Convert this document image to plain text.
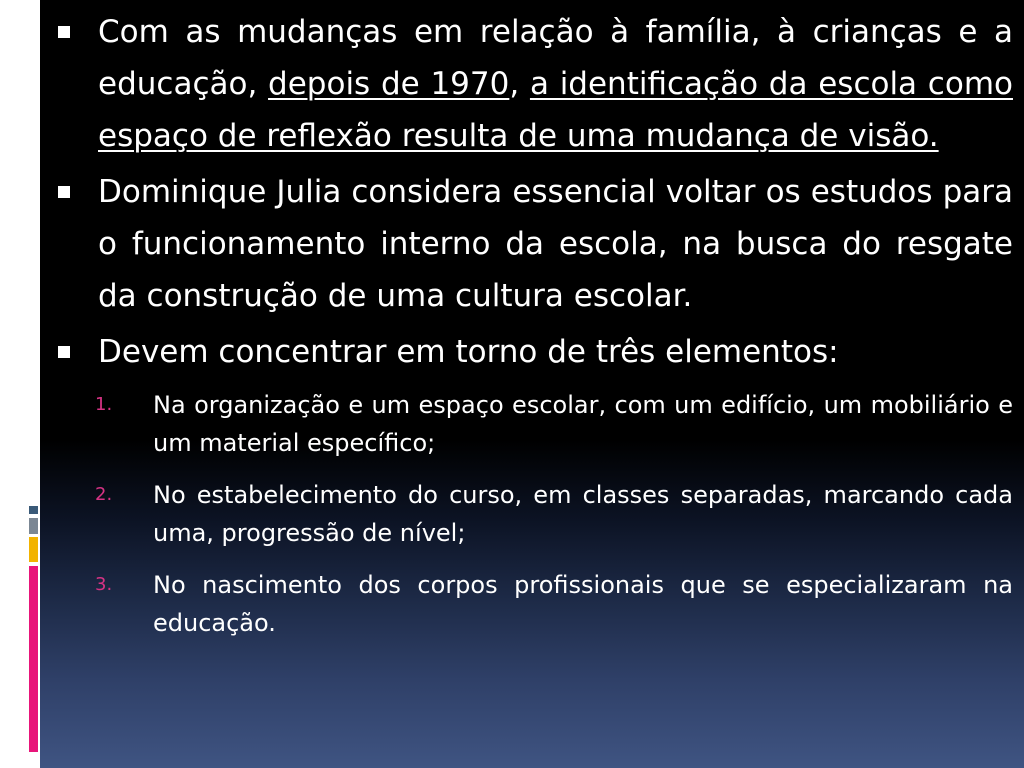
Com as mudanças em relação à família, à crianças e a educação, depois de 1970, a identificação da escola como espaço de reflexão resulta de uma mudança de visão.
Dominique Julia considera essencial voltar os estudos para o funcionamento interno da escola, na busca do resgate da construção de uma cultura escolar.
Devem concentrar em torno de três elementos:
1. Na organização e um espaço escolar, com um edifício, um mobiliário e um material específico;
2. No estabelecimento do curso, em classes separadas, marcando cada uma, progressão de nível;
3. No nascimento dos corpos profissionais que se especializaram na educação.
